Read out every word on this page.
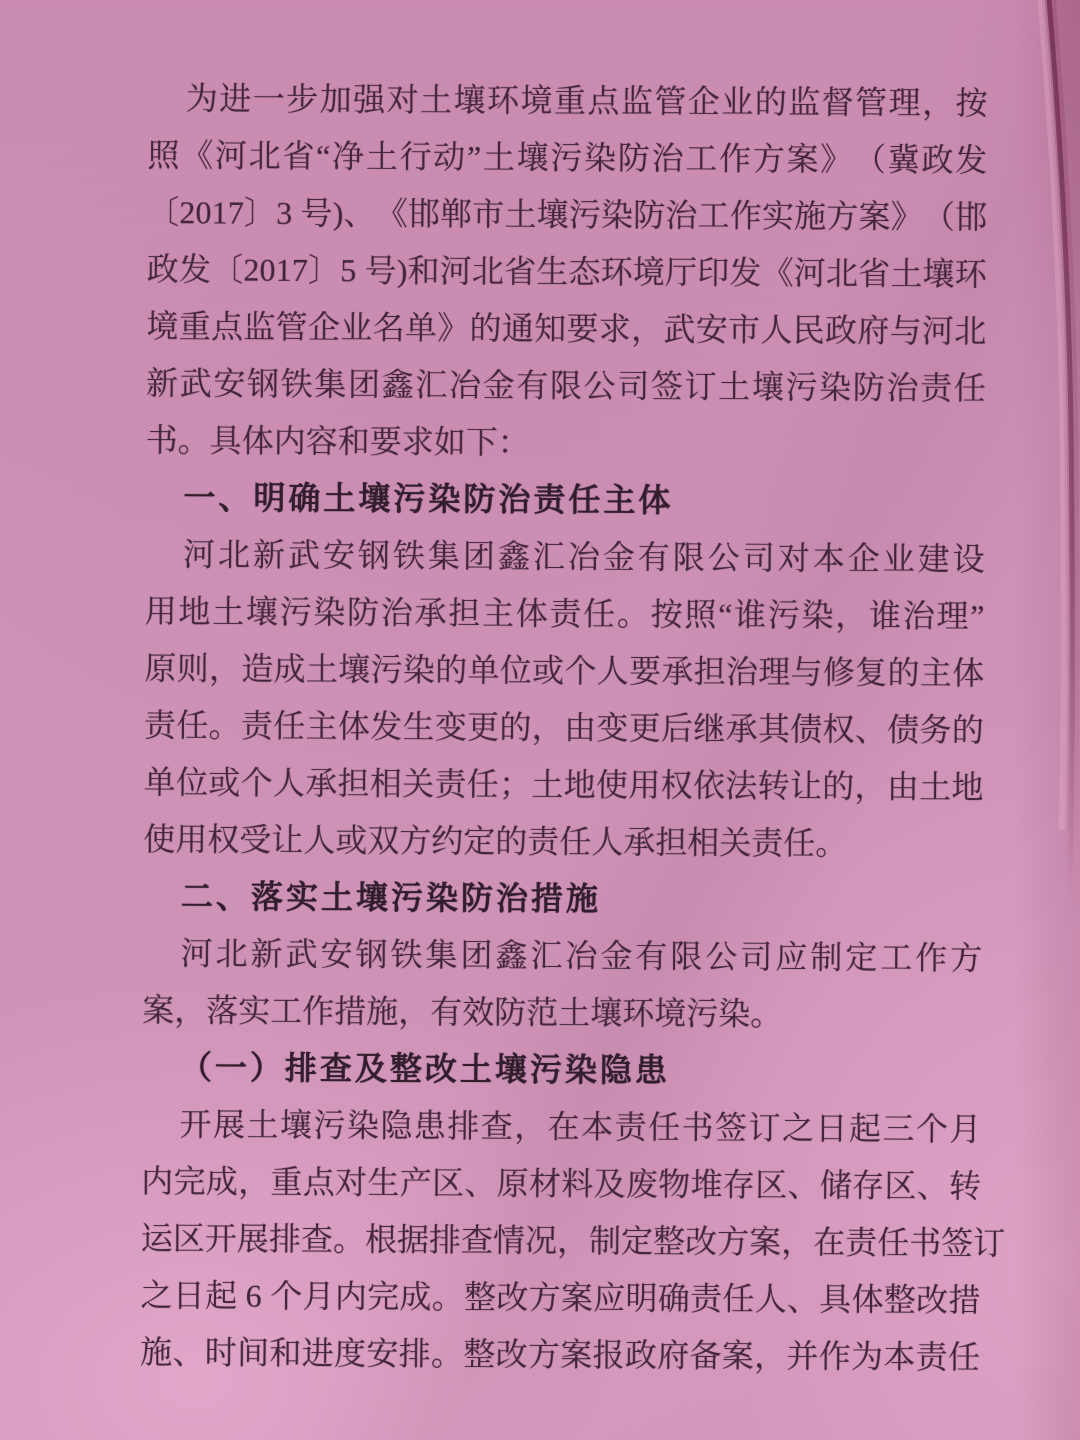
为 进 一 步 加 强 对 土 壤 环 境 重 点 监 管 企 业 的 监 督 管 理 ， 按
照 《 河 北 省 “ 净 土 行 动 ” 土 壤 污 染 防 治 工 作 方 案 》 （ 冀 政 发
〔 2 0 1 7 〕 3
号 ) 、 《 邯 郸 市 土 壤 污 染 防 治 工 作 实 施 方 案 》 （ 邯
政 发 〔 2 0 1 7 〕 5
号 ) 和 河 北 省 生 态 环 境 厅 印 发 《 河 北 省 土 壤 环
境 重 点 监 管 企 业 名 单 》 的 通 知 要 求 ， 武 安 市 人 民 政 府 与 河 北
新 武 安 钢 铁 集 团 鑫 汇 冶 金 有 限 公 司 签 订 土 壤 污 染 防 治 责 任
书。具体内容和要求如下：
一、明确土壤污染防治责任主体
河 北 新 武 安 钢 铁 集 团 鑫 汇 冶 金 有 限 公 司 对 本 企 业 建 设
用 地 土 壤 污 染 防 治 承 担 主 体 责 任 。 按 照 “ 谁 污 染 ， 谁 治 理 ”
原 则 ， 造 成 土 壤 污 染 的 单 位 或 个 人 要 承 担 治 理 与 修 复 的 主 体
责 任 。 责 任 主 体 发 生 变 更 的 ， 由 变 更 后 继 承 其 债 权 、 债 务 的
单 位 或 个 人 承 担 相 关 责 任 ； 土 地 使 用 权 依 法 转 让 的 ， 由 土 地
使用权受让人或双方约定的责任人承担相关责任。
二、落实土壤污染防治措施
河 北 新 武 安 钢 铁 集 团 鑫 汇 冶 金 有 限 公 司 应 制 定 工 作 方
案，落实工作措施，有效防范土壤环境污染。
（一）排查及整改土壤污染隐患
开 展 土 壤 污 染 隐 患 排 查 ， 在 本 责 任 书 签 订 之 日 起 三 个 月
内 完 成 ， 重 点 对 生 产 区 、 原 材 料 及 废 物 堆 存 区 、 储 存 区 、 转
运 区 开 展 排 查 。 根 据 排 查 情 况 ， 制 定 整 改 方 案 ， 在 责 任 书 签 订
之 日 起
6
个 月 内 完 成 。 整 改 方 案 应 明 确 责 任 人 、 具 体 整 改 措
施 、 时 间 和 进 度 安 排 。 整 改 方 案 报 政 府 备 案 ， 并 作 为 本 责 任
